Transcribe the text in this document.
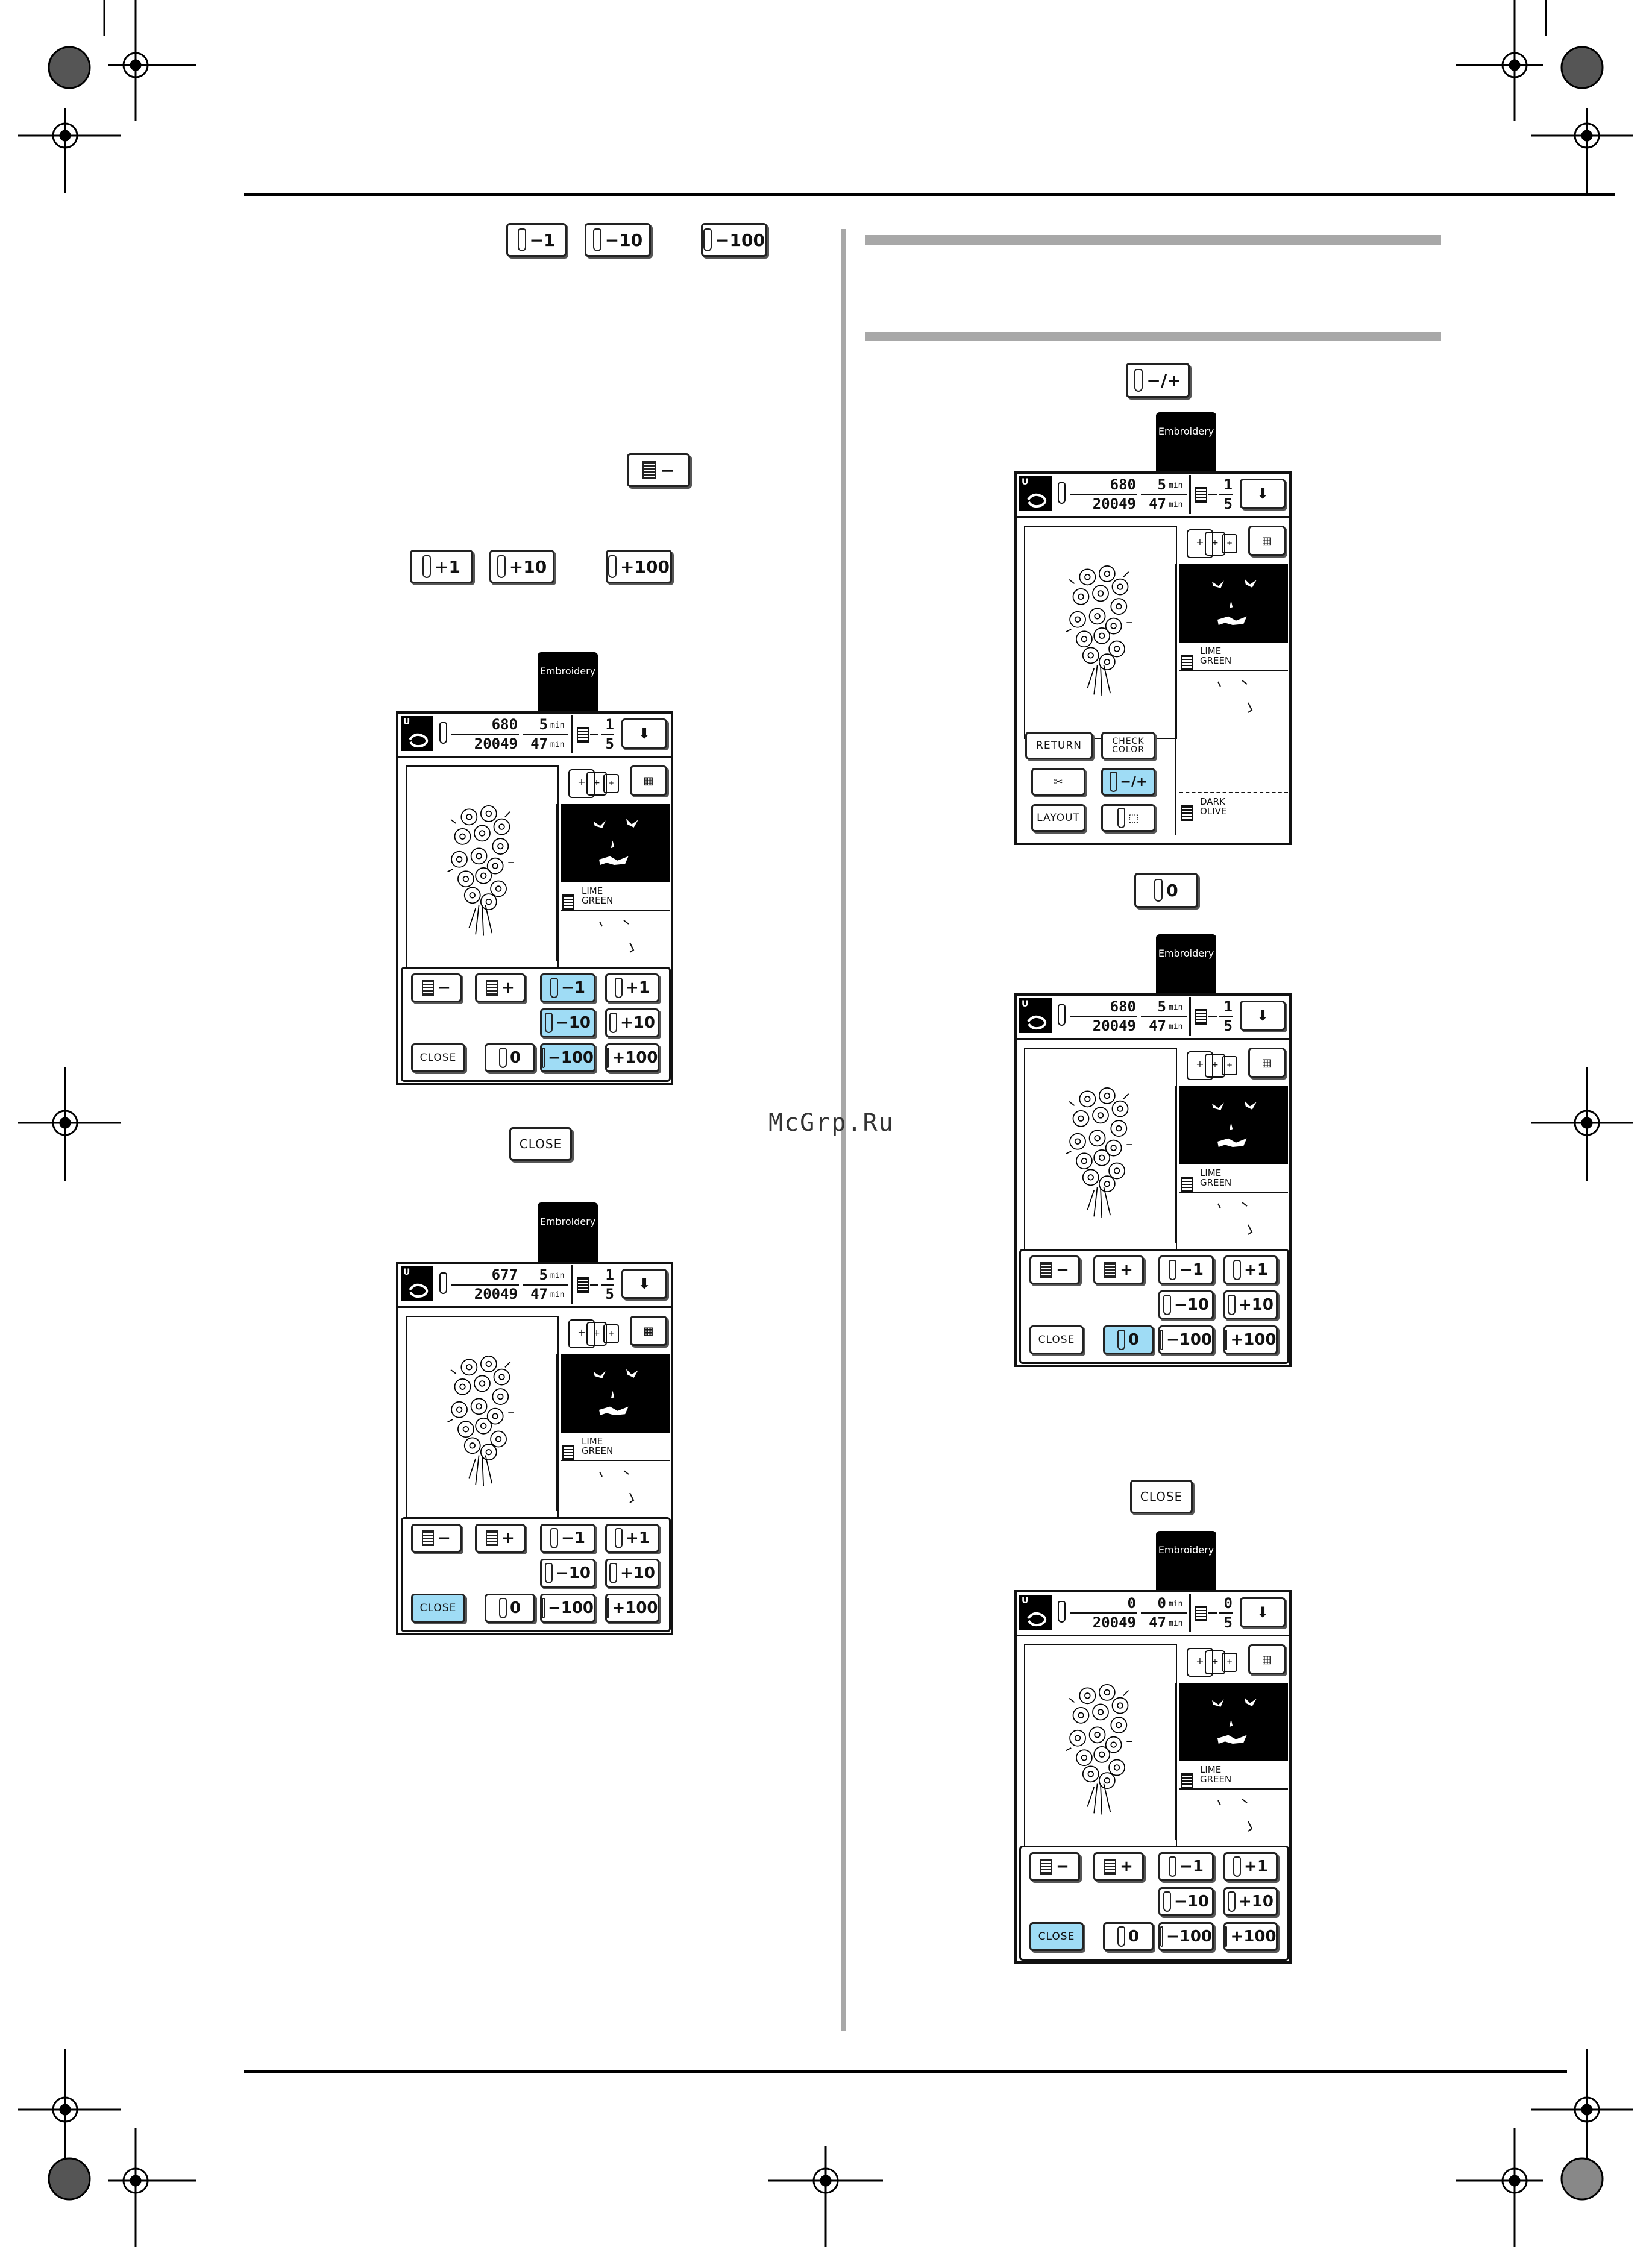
McGrp.Ru
−1	−10	−100
−
+1	+10	+100
CLOSE
−/+
0
CLOSE
Embroidery
U	680
20049
5 min
47 min
1
5
⬇
+ +	+	▦
LIME
GREEN
−	+	−1	+1
−10 +10
CLOSE	0 −100 +100
Embroidery
U	677
20049
5 min
47 min
1
5
⬇
+ +	+	▦
LIME
GREEN
−	+	−1	+1
−10 +10
CLOSE	0 −100 +100
Embroidery
U	680
20049
5 min
47 min
1
5
⬇
+ +	+	▦
LIME
GREEN
DARK
OLIVE
RETURN	CHECK
COLOR
✂	−/+
LAYOUT	⬚
Embroidery
U	680
20049
5 min
47 min
1
5
⬇
+ +	+	▦
LIME
GREEN
−	+	−1	+1
−10 +10
CLOSE	0 −100 +100
Embroidery
U	0
20049
0 min
47 min
0
5
⬇
+ +	+	▦
LIME
GREEN
−	+	−1	+1
−10 +10
CLOSE	0 −100 +100
